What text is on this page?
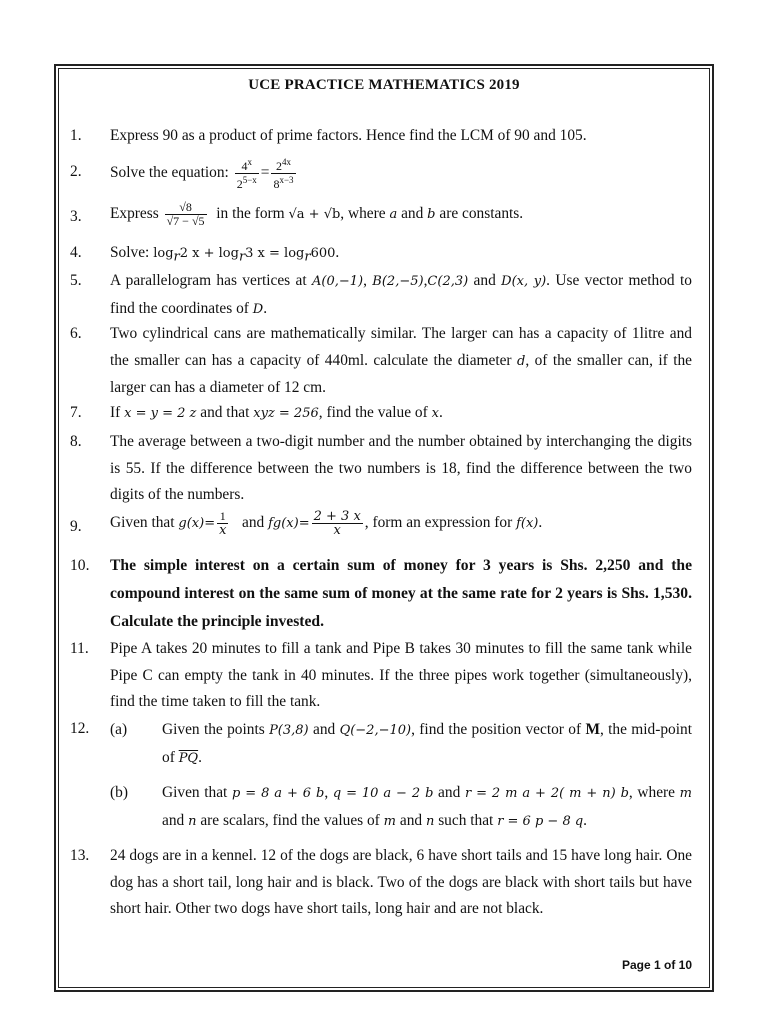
UCE PRACTICE MATHEMATICS 2019
1.	Express 90 as a product of prime factors. Hence find the LCM of 90 and 105.
2.	Solve the equation: $\frac{4^x}{2^{5-x}} = \frac{2^{4x}}{8^{x-3}}$
3.	Express $\frac{√8}{√7 - √5}$ in the form √a + √b, where a and b are constants.
4.	Solve: $\log_r2$ $x + \log_r3$ $x = \log_r600$.
5.	A parallelogram has vertices at A(0,−1), B(2,−5),C(2,3) and D(x, y). Use vector method to find the coordinates of D.
6.	Two cylindrical cans are mathematically similar. The larger can has a capacity of 1litre and the smaller can has a capacity of 440ml. calculate the diameter d, of the smaller can, if the larger can has a diameter of 12 cm.
7.	If x = y = 2 z and that xyz = 256, find the value of x.
8.	The average between a two-digit number and the number obtained by interchanging the digits is 55. If the difference between the two numbers is 18, find the difference between the two digits of the numbers.
9.	Given that $g(x)= \frac{1}{x}$ and $fg(x)= \frac{2 + 3 x}{x}$ , form an expression for f(x).
10.	The simple interest on a certain sum of money for 3 years is Shs. 2,250 and the compound interest on the same sum of money at the same rate for 2 years is Shs. 1,530. Calculate the principle invested.
11.	Pipe A takes 20 minutes to fill a tank and Pipe B takes 30 minutes to fill the same tank while Pipe C can empty the tank in 40 minutes. If the three pipes work together (simultaneously), find the time taken to fill the tank.
12.	(a) Given the points P(3,8) and Q(−2,−10), find the position vector of M, the mid-point of $\overline{PQ}$.
(b) Given that p = 8 a + 6 b, q = 10 a − 2 b and r = 2 m a + 2( m + n) b, where m and n are scalars, find the values of m and n such that r = 6 p − 8 q.
13.	24 dogs are in a kennel. 12 of the dogs are black, 6 have short tails and 15 have long hair. One dog has a short tail, long hair and is black. Two of the dogs are black with short tails but have short hair. Other two dogs have short tails, long hair and are not black.
Page 1 of 10
